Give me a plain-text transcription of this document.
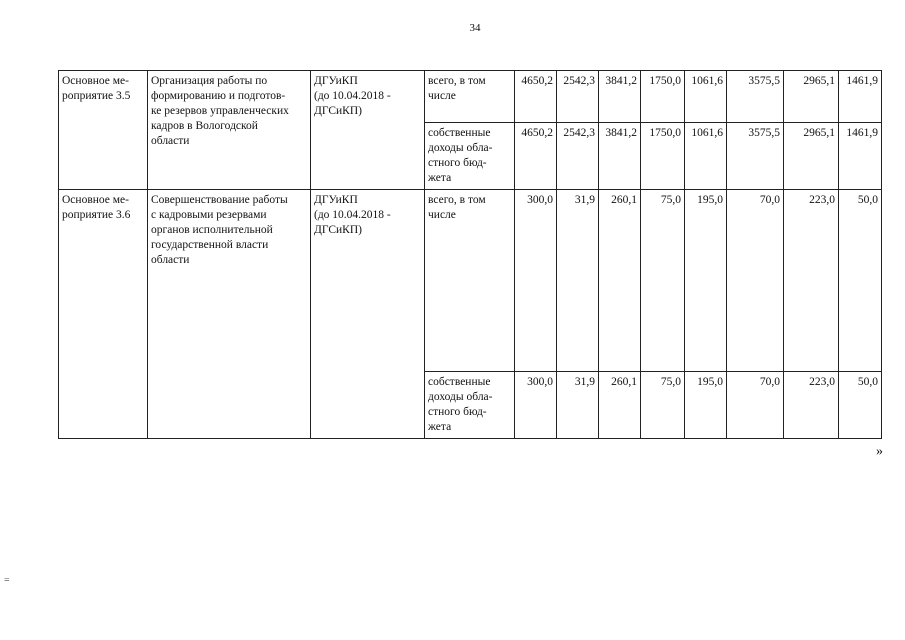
34
Основное ме-
роприятие 3.5	Организация работы по
формированию и подготов-
ке резервов управленческих
кадров в Вологодской
области	ДГУиКП
(до 10.04.2018 -
ДГСиКП)	всего, в том
числе	4650,2	2542,3	3841,2	1750,0	1061,6	3575,5	2965,1	1461,9
			собственные
доходы обла-
стного бюд-
жета	4650,2	2542,3	3841,2	1750,0	1061,6	3575,5	2965,1	1461,9
Основное ме-
роприятие 3.6	Совершенствование работы
с кадровыми резервами
органов исполнительной
государственной власти
области	ДГУиКП
(до 10.04.2018 -
ДГСиКП)	всего, в том
числе	300,0	31,9	260,1	75,0	195,0	70,0	223,0	50,0
			собственные
доходы обла-
стного бюд-
жета	300,0	31,9	260,1	75,0	195,0	70,0	223,0	50,0
»
=
